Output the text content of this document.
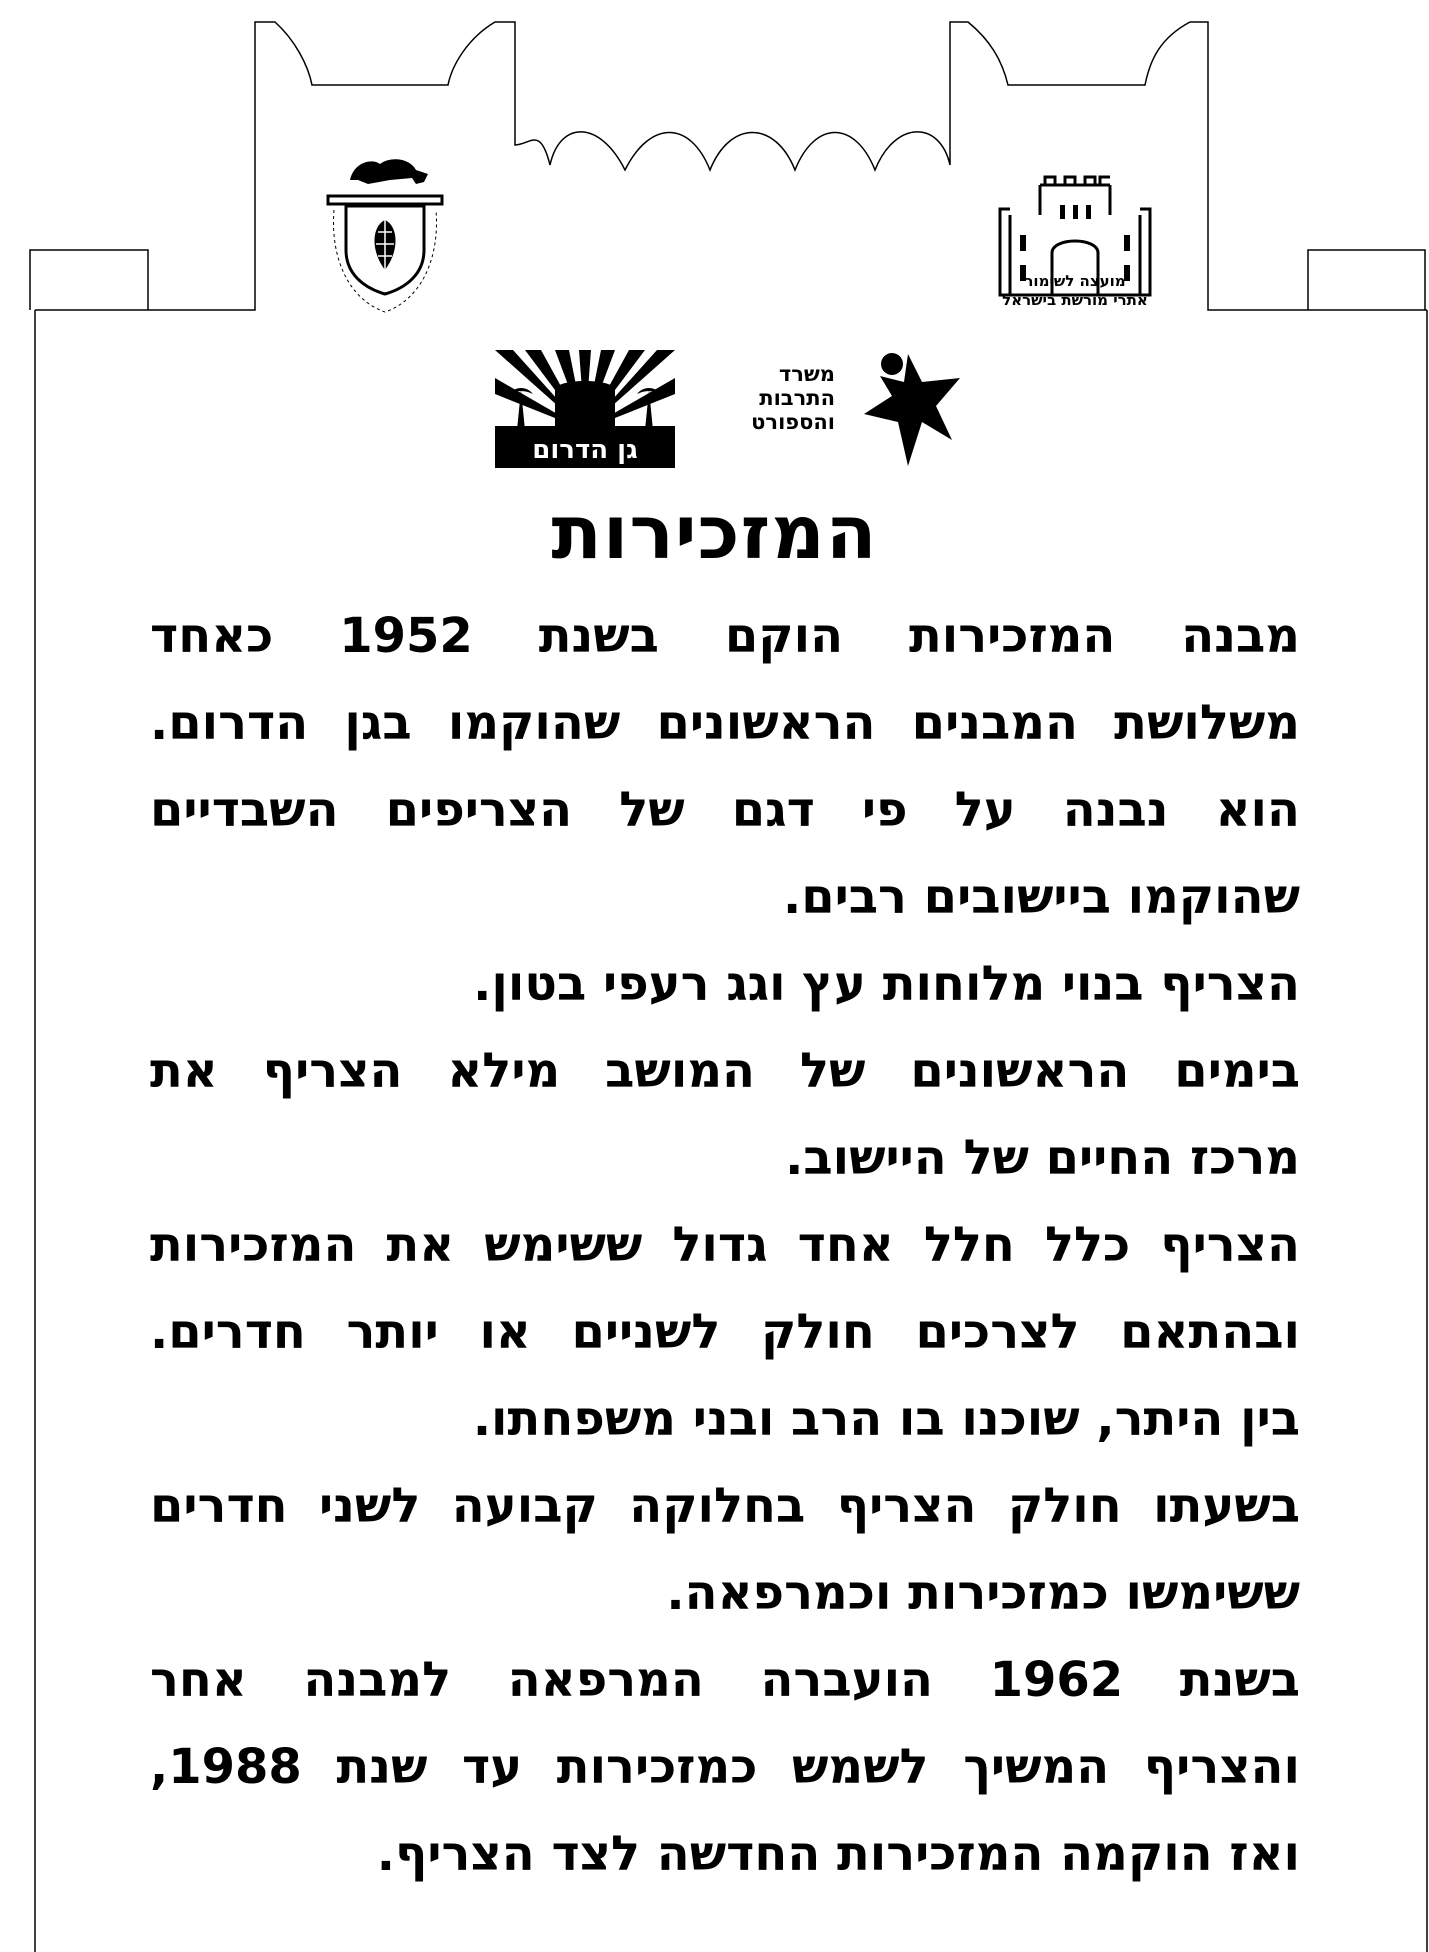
מועצה לשימור
אתרי מורשת בישראל
גן הדרום
משרד
התרבות
והספורט
המזכירות
מבנה המזכירות הוקם בשנת 1952 כאחד
משלושת המבנים הראשונים שהוקמו בגן הדרום.
הוא נבנה על פי דגם של הצריפים השבדיים
שהוקמו ביישובים רבים.
הצריף בנוי מלוחות עץ וגג רעפי בטון.
בימים הראשונים של המושב מילא הצריף את
מרכז החיים של היישוב.
הצריף כלל חלל אחד גדול ששימש את המזכירות
ובהתאם לצרכים חולק לשניים או יותר חדרים.
בין היתר, שוכנו בו הרב ובני משפחתו.
בשעתו חולק הצריף בחלוקה קבועה לשני חדרים
ששימשו כמזכירות וכמרפאה.
בשנת 1962 הועברה המרפאה למבנה אחר
והצריף המשיך לשמש כמזכירות עד שנת 1988,
ואז הוקמה המזכירות החדשה לצד הצריף.
